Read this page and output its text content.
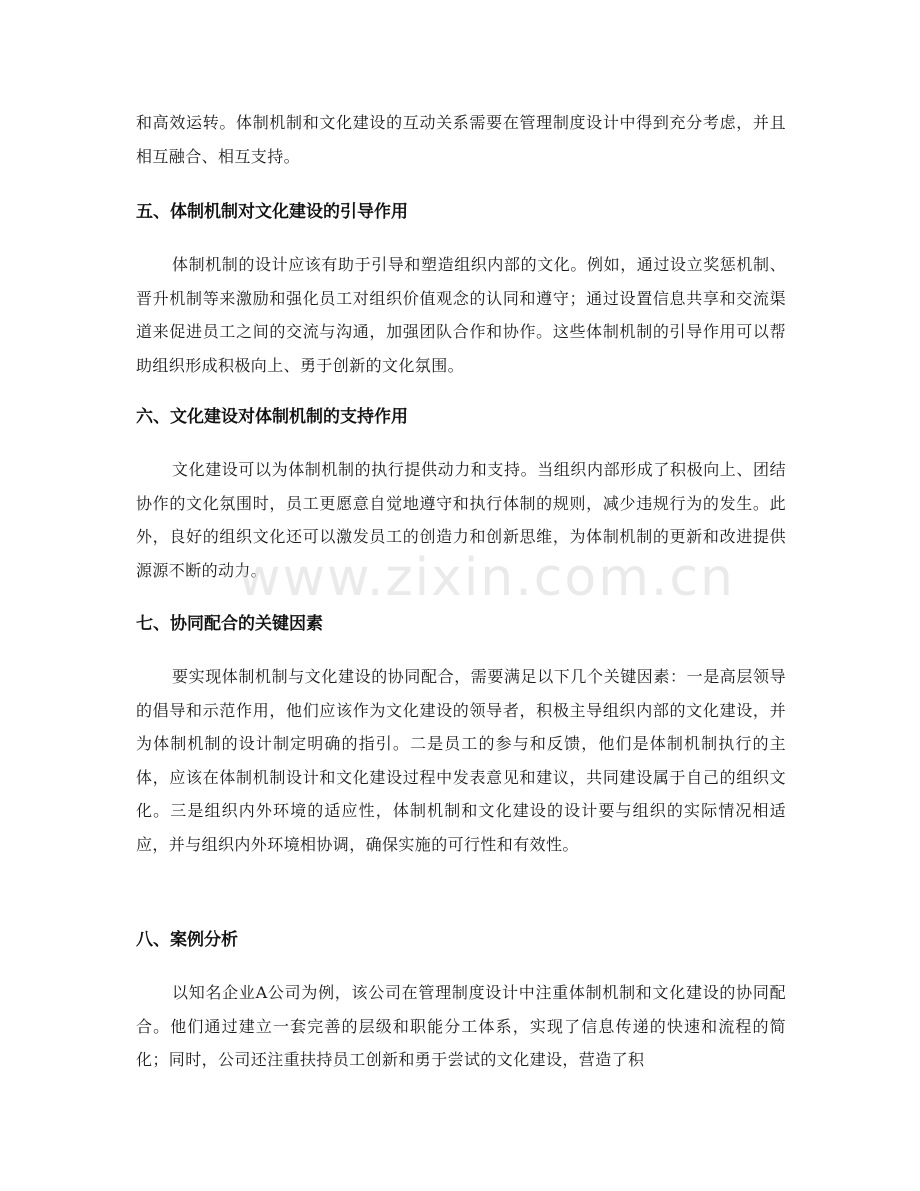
和高效运转。体制机制和文化建设的互动关系需要在管理制度设计中得到充分考虑，并且相互融合、相互支持。

五、体制机制对文化建设的引导作用

体制机制的设计应该有助于引导和塑造组织内部的文化。例如，通过设立奖惩机制、晋升机制等来激励和强化员工对组织价值观念的认同和遵守；通过设置信息共享和交流渠道来促进员工之间的交流与沟通，加强团队合作和协作。这些体制机制的引导作用可以帮助组织形成积极向上、勇于创新的文化氛围。

六、文化建设对体制机制的支持作用

文化建设可以为体制机制的执行提供动力和支持。当组织内部形成了积极向上、团结协作的文化氛围时，员工更愿意自觉地遵守和执行体制的规则，减少违规行为的发生。此外，良好的组织文化还可以激发员工的创造力和创新思维，为体制机制的更新和改进提供源源不断的动力。

七、协同配合的关键因素

要实现体制机制与文化建设的协同配合，需要满足以下几个关键因素：一是高层领导的倡导和示范作用，他们应该作为文化建设的领导者，积极主导组织内部的文化建设，并为体制机制的设计制定明确的指引。二是员工的参与和反馈，他们是体制机制执行的主体，应该在体制机制设计和文化建设过程中发表意见和建议，共同建设属于自己的组织文化。三是组织内外环境的适应性，体制机制和文化建设的设计要与组织的实际情况相适应，并与组织内外环境相协调，确保实施的可行性和有效性。

八、案例分析

以知名企业A公司为例，该公司在管理制度设计中注重体制机制和文化建设的协同配合。他们通过建立一套完善的层级和职能分工体系，实现了信息传递的快速和流程的简化；同时，公司还注重扶持员工创新和勇于尝试的文化建设，营造了积

www.zixin.com.cn
